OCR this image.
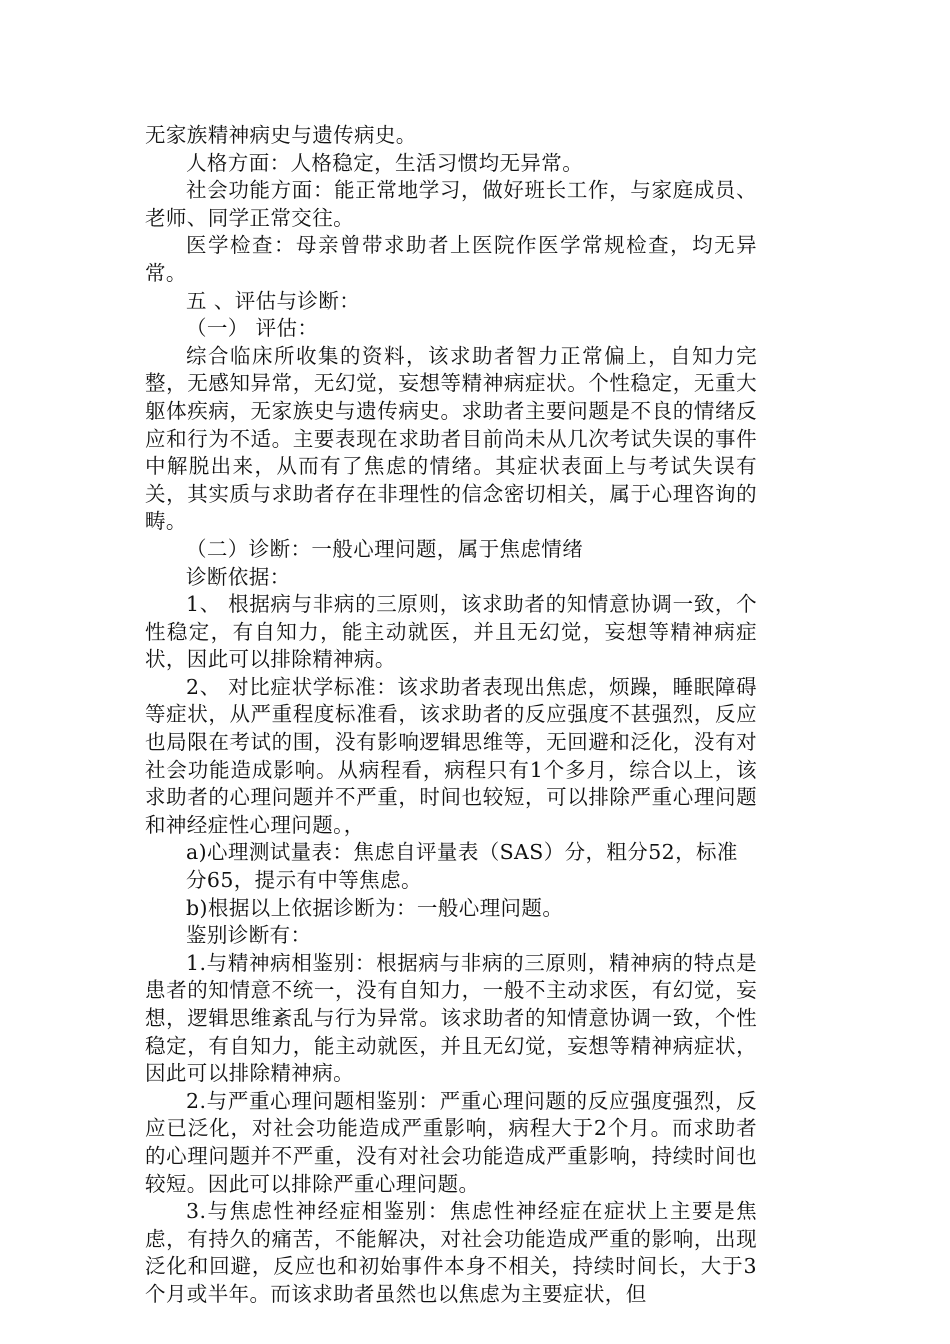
无家族精神病史与遗传病史。

人格方面：人格稳定，生活习惯均无异常。

社会功能方面：能正常地学习，做好班长工作，与家庭成员、老师、同学正常交往。

医学检查：母亲曾带求助者上医院作医学常规检查，均无异常。

五 、评估与诊断：

（一） 评估：

综合临床所收集的资料，该求助者智力正常偏上，自知力完整，无感知异常，无幻觉，妄想等精神病症状。个性稳定，无重大躯体疾病，无家族史与遗传病史。求助者主要问题是不良的情绪反应和行为不适。主要表现在求助者目前尚未从几次考试失误的事件中解脱出来，从而有了焦虑的情绪。其症状表面上与考试失误有关，其实质与求助者存在非理性的信念密切相关，属于心理咨询的畴。

（二）诊断：一般心理问题，属于焦虑情绪

诊断依据：

1、 根据病与非病的三原则，该求助者的知情意协调一致，个性稳定，有自知力，能主动就医，并且无幻觉，妄想等精神病症状，因此可以排除精神病。

2、 对比症状学标准：该求助者表现出焦虑，烦躁，睡眠障碍等症状，从严重程度标准看，该求助者的反应强度不甚强烈，反应也局限在考试的围，没有影响逻辑思维等，无回避和泛化，没有对社会功能造成影响。从病程看，病程只有1个多月，综合以上，该求助者的心理问题并不严重，时间也较短，可以排除严重心理问题和神经症性心理问题。，

a)心理测试量表：焦虑自评量表（SAS）分，粗分52，标准

分65，提示有中等焦虑。

b)根据以上依据诊断为：一般心理问题。

鉴别诊断有：

1.与精神病相鉴别：根据病与非病的三原则，精神病的特点是患者的知情意不统一，没有自知力，一般不主动求医，有幻觉，妄想，逻辑思维紊乱与行为异常。该求助者的知情意协调一致，个性稳定，有自知力，能主动就医，并且无幻觉，妄想等精神病症状，因此可以排除精神病。

2.与严重心理问题相鉴别：严重心理问题的反应强度强烈，反应已泛化，对社会功能造成严重影响，病程大于2个月。而求助者的心理问题并不严重，没有对社会功能造成严重影响，持续时间也较短。因此可以排除严重心理问题。

3.与焦虑性神经症相鉴别：焦虑性神经症在症状上主要是焦虑，有持久的痛苦，不能解决，对社会功能造成严重的影响，出现泛化和回避，反应也和初始事件本身不相关，持续时间长，大于3个月或半年。而该求助者虽然也以焦虑为主要症状，但
